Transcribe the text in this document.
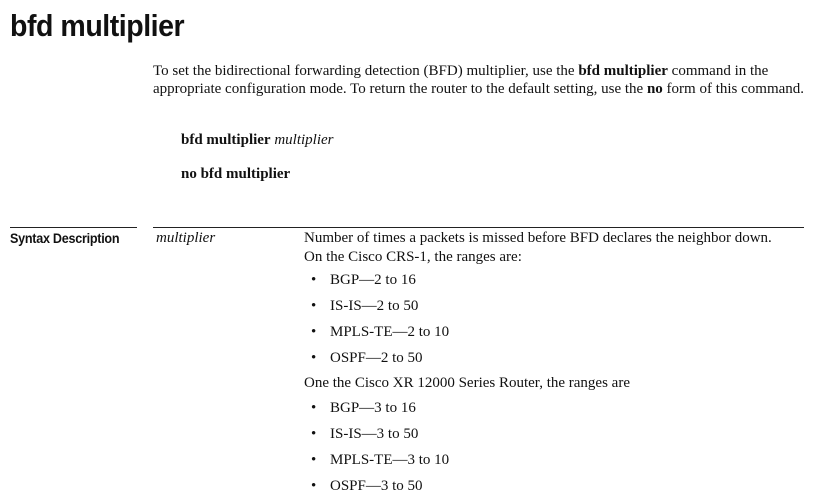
bfd multiplier

To set the bidirectional forwarding detection (BFD) multiplier, use the bfd multiplier command in the appropriate configuration mode. To return the router to the default setting, use the no form of this command.

bfd multiplier multiplier

no bfd multiplier

Syntax Description multiplier	Number of times a packets is missed before BFD declares the neighbor down.

On the Cisco CRS-1, the ranges are:

• BGP—2 to 16
• IS-IS—2 to 50
• MPLS-TE—2 to 10
• OSPF—2 to 50

One the Cisco XR 12000 Series Router, the ranges are

• BGP—3 to 16
• IS-IS—3 to 50
• MPLS-TE—3 to 10
• OSPF—3 to 50
